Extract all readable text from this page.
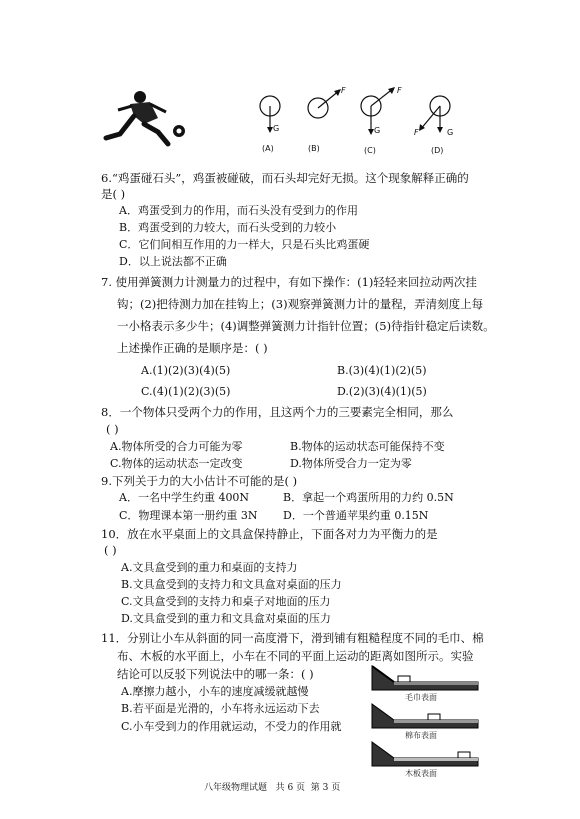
G
(A)
F
(B)
F
G
(C)
F	G
(D)
6.“鸡蛋碰石头”，鸡蛋被碰破，而石头却完好无损。这个现象解释正确的
是( )
A．鸡蛋受到力的作用，而石头没有受到力的作用
B．鸡蛋受到的力较大，而石头受到的力较小
C．它们间相互作用的力一样大，只是石头比鸡蛋硬
D．以上说法都不正确
7. 使用弹簧测力计测量力的过程中，有如下操作：(1)轻轻来回拉动两次挂
钩；(2)把待测力加在挂钩上；(3)观察弹簧测力计的量程，弄清刻度上每
一小格表示多少牛；(4)调整弹簧测力计指针位置；(5)待指针稳定后读数。
上述操作正确的是顺序是：( )
A.(1)(2)(3)(4)(5)	B.(3)(4)(1)(2)(5)
C.(4)(1)(2)(3)(5)	D.(2)(3)(4)(1)(5)
8．一个物体只受两个力的作用，且这两个力的三要素完全相同，那么
( )
A.物体所受的合力可能为零	B.物体的运动状态可能保持不变
C.物体的运动状态一定改变	D.物体所受合力一定为零
9.下列关于力的大小估计不可能的是( )
A．一名中学生约重 400N	B．拿起一个鸡蛋所用的力约 0.5N
C．物理课本第一册约重 3N D．一个普通苹果约重 0.15N
10．放在水平桌面上的文具盒保持静止，下面各对力为平衡力的是
( )
A.文具盒受到的重力和桌面的支持力
B.文具盒受到的支持力和文具盒对桌面的压力
C.文具盒受到的支持力和桌子对地面的压力
D.文具盒受到的重力和文具盒对桌面的压力
11．分别让小车从斜面的同一高度滑下，滑到铺有粗糙程度不同的毛巾、棉
布、木板的水平面上，小车在不同的平面上运动的距离如图所示。实验
结论可以反驳下列说法中的哪一条：( )
A.摩擦力越小，小车的速度减缓就越慢
B.若平面是光滑的，小车将永远运动下去
C.小车受到力的作用就运动，不受力的作用就
毛巾表面
棉布表面
木板表面
八年级物理试题   共 6 页  第 3 页
